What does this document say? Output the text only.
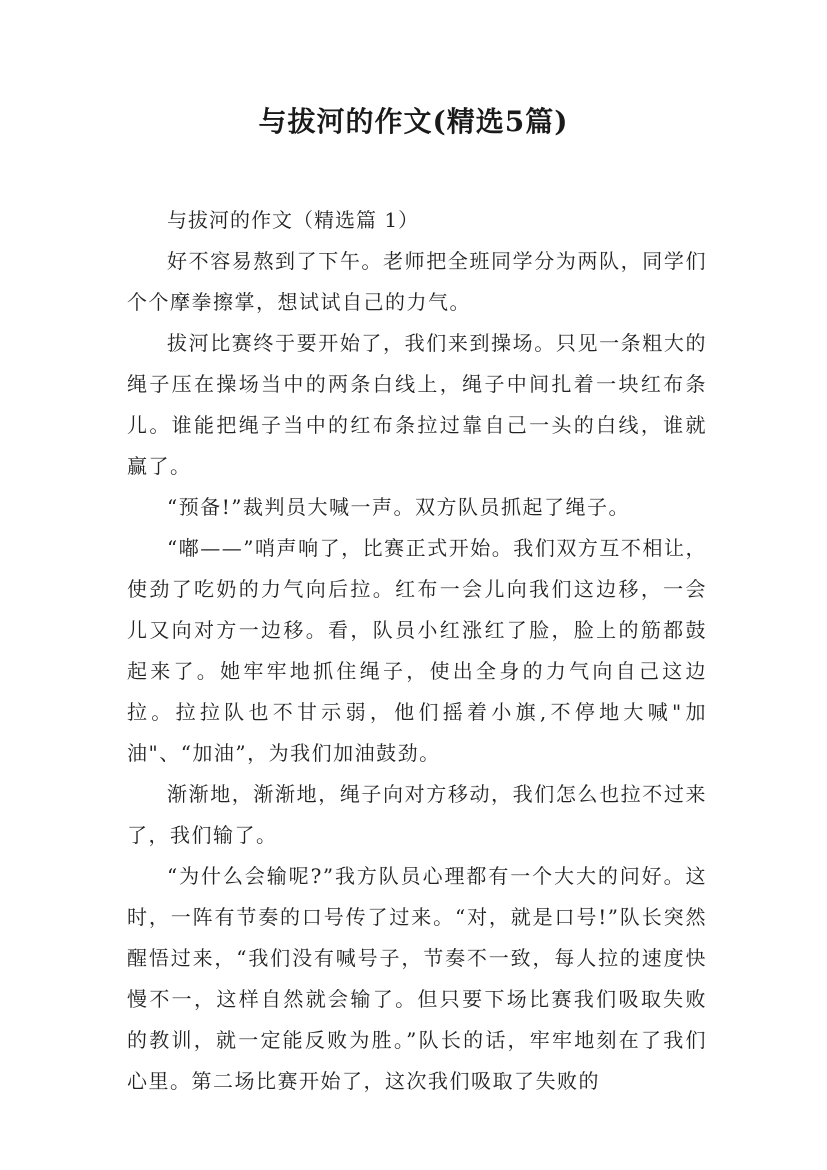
与拔河的作文(精选5篇)

与拔河的作文（精选篇 1）

好不容易熬到了下午。老师把全班同学分为两队，同学们个个摩拳擦掌，想试试自己的力气。

拔河比赛终于要开始了，我们来到操场。只见一条粗大的绳子压在操场当中的两条白线上，绳子中间扎着一块红布条儿。谁能把绳子当中的红布条拉过靠自己一头的白线，谁就赢了。

“预备!”裁判员大喊一声。双方队员抓起了绳子。

“嘟——”哨声响了，比赛正式开始。我们双方互不相让，使劲了吃奶的力气向后拉。红布一会儿向我们这边移，一会儿又向对方一边移。看，队员小红涨红了脸，脸上的筋都鼓起来了。她牢牢地抓住绳子，使出全身的力气向自己这边拉。拉拉队也不甘示弱，他们摇着小旗,不停地大喊"加油"、“加油”，为我们加油鼓劲。

渐渐地，渐渐地，绳子向对方移动，我们怎么也拉不过来了，我们输了。

“为什么会输呢?”我方队员心理都有一个大大的问好。这时，一阵有节奏的口号传了过来。“对，就是口号!”队长突然醒悟过来，“我们没有喊号子，节奏不一致，每人拉的速度快慢不一，这样自然就会输了。但只要下场比赛我们吸取失败的教训，就一定能反败为胜。”队长的话，牢牢地刻在了我们心里。第二场比赛开始了，这次我们吸取了失败的
